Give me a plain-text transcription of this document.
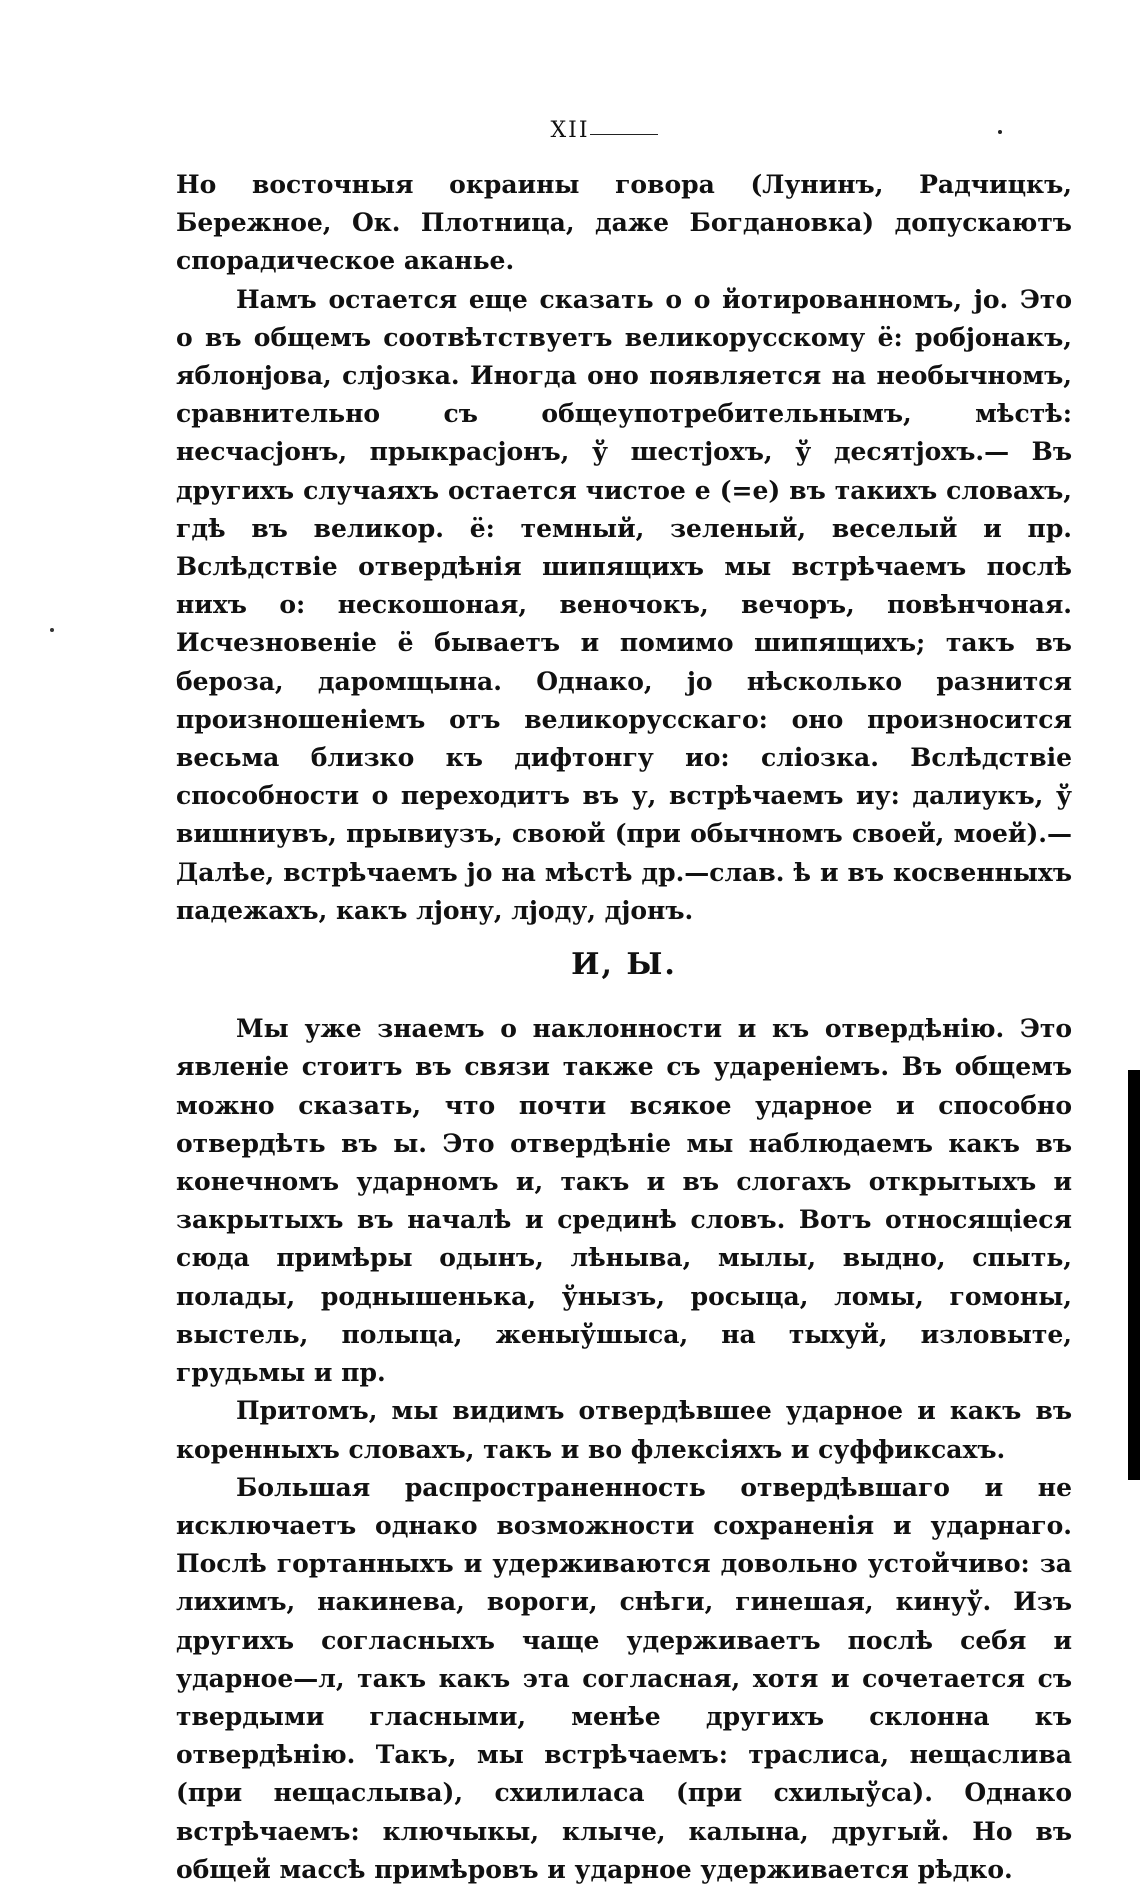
XII

Но восточныя окраины говора (Лунинъ, Радчицкъ, Бережное, Ок. Плотница, даже Богдановка) допускаютъ спорадическое аканье.

Намъ остается еще сказать о о йотированномъ, jо. Это о въ общемъ соотвѣтствуетъ великорусскому ё: робjонакъ, яблонjова, слjозка. Иногда оно появляется на необычномъ, сравнительно съ общеупотребительнымъ, мѣстѣ: несчасjонъ, прыкрасjонъ, ў шестjохъ, ў десятjохъ.— Въ другихъ случаяхъ остается чистое е (=е) въ такихъ словахъ, гдѣ въ великор. ё: темный, зеленый, веселый и пр. Вслѣдствіе отвердѣнія шипящихъ мы встрѣчаемъ послѣ нихъ о: нескошоная, веночокъ, вечоръ, повѣнчоная. Исчезновеніе ё бываетъ и помимо шипящихъ; такъ въ бероза, даромщына. Однако, jо нѣсколько разнится произношеніемъ отъ великорусскаго: оно произносится весьма близко къ дифтонгу ио: сліозка. Вслѣдствіе способности о переходитъ въ у, встрѣчаемъ иу: далиукъ, ў вишниувъ, прывиузъ, своюй (при обычномъ своей, моей).— Далѣе, встрѣчаемъ jо на мѣстѣ др.—слав. ѣ и въ косвенныхъ падежахъ, какъ лjону, лjоду, дjонъ.

И, Ы.

Мы уже знаемъ о наклонности и къ отвердѣнію. Это явленіе стоитъ въ связи также съ удареніемъ. Въ общемъ можно сказать, что почти всякое ударное и способно отвердѣть въ ы. Это отвердѣніе мы наблюдаемъ какъ въ конечномъ ударномъ и, такъ и въ слогахъ открытыхъ и закрытыхъ въ началѣ и срединѣ словъ. Вотъ относящіеся сюда примѣры одынъ, лѣныва, мылы, выдно, спыть, полады, роднышенька, ўнызъ, росыца, ломы, гомоны, выстель, полыца, женыўшыса, на тыхуй, изловыте, грудьмы и пр.

Притомъ, мы видимъ отвердѣвшее ударное и какъ въ коренныхъ словахъ, такъ и во флексіяхъ и суффиксахъ.

Большая распространенность отвердѣвшаго и не исключаетъ однако возможности сохраненія и ударнаго. Послѣ гортанныхъ и удерживаются довольно устойчиво: за лихимъ, накинева, вороги, снѣги, гинешая, кинуў. Изъ другихъ согласныхъ чаще удерживаетъ послѣ себя и ударное—л, такъ какъ эта согласная, хотя и сочетается съ твердыми гласными, менѣе другихъ склонна къ отвердѣнію. Такъ, мы встрѣчаемъ: траслиса, нещаслива (при нещаслыва), схилиласа (при схилыўса). Однако встрѣчаемъ: ключыкы, клыче, калына, другый. Но въ общей массѣ примѣровъ и ударное удерживается рѣдко.
